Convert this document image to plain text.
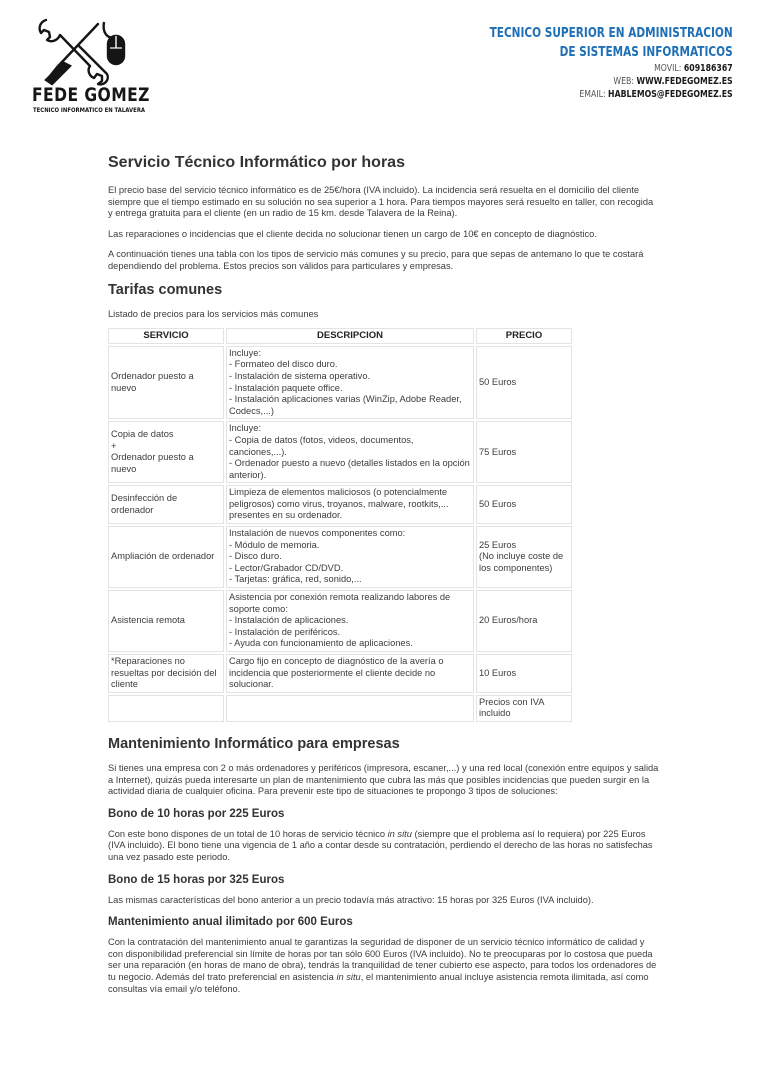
FEDE GOMEZ
TECNICO INFORMATICO EN TALAVERA
TECNICO SUPERIOR EN ADMINISTRACION
DE SISTEMAS INFORMATICOS
MOVIL: 609186367
WEB: WWW.FEDEGOMEZ.ES
EMAIL: HABLEMOS@FEDEGOMEZ.ES
Servicio Técnico Informático por horas

El precio base del servicio técnico informático es de 25€/hora (IVA incluido). La incidencia será resuelta en el domicilio del cliente siempre que el tiempo estimado en su solución no sea superior a 1 hora. Para tiempos mayores será resuelto en taller, con recogida y entrega gratuita para el cliente (en un radio de 15 km. desde Talavera de la Reina).

Las reparaciones o incidencias que el cliente decida no solucionar tienen un cargo de 10€ en concepto de diagnóstico.

A continuación tienes una tabla con los tipos de servicio más comunes y su precio, para que sepas de antemano lo que te costará dependiendo del problema. Estos precios son válidos para particulares y empresas.

Tarifas comunes

Listado de precios para los servicios más comunes

SERVICIO	DESCRIPCION	PRECIO
Ordenador puesto a nuevo	Incluye:
- Formateo del disco duro.
- Instalación de sistema operativo.
- Instalación paquete office.
- Instalación aplicaciones varias (WinZip, Adobe Reader, Codecs,...)	50 Euros
Copia de datos
+
Ordenador puesto a nuevo	Incluye:
- Copia de datos (fotos, videos, documentos, canciones,...).
- Ordenador puesto a nuevo (detalles listados en la opción anterior).	75 Euros
Desinfección de ordenador	Limpieza de elementos maliciosos (o potencialmente peligrosos) como virus, troyanos, malware, rootkits,... presentes en su ordenador.	50 Euros
Ampliación de ordenador	Instalación de nuevos componentes como:
- Módulo de memoria.
- Disco duro.
- Lector/Grabador CD/DVD.
- Tarjetas: gráfica, red, sonido,...	25 Euros
(No incluye coste de los componentes)
Asistencia remota	Asistencia por conexión remota realizando labores de soporte como:
- Instalación de aplicaciones.
- Instalación de periféricos.
- Ayuda con funcionamiento de aplicaciones.	20 Euros/hora
*Reparaciones no resueltas por decisión del cliente	Cargo fijo en concepto de diagnóstico de la avería o incidencia que posteriormente el cliente decide no solucionar.	10 Euros
		Precios con IVA incluido
Mantenimiento Informático para empresas

Si tienes una empresa con 2 o más ordenadores y periféricos (impresora, escaner,...) y una red local (conexión entre equipos y salida a Internet), quizás pueda interesarte un plan de mantenimiento que cubra las más que posibles incidencias que pueden surgir en la actividad diaria de cualquier oficina. Para prevenir este tipo de situaciones te propongo 3 tipos de soluciones:

Bono de 10 horas por 225 Euros

Con este bono dispones de un total de 10 horas de servicio técnico in situ (siempre que el problema así lo requiera) por 225 Euros (IVA incluido). El bono tiene una vigencia de 1 año a contar desde su contratación, perdiendo el derecho de las horas no satisfechas una vez pasado este periodo.

Bono de 15 horas por 325 Euros

Las mismas características del bono anterior a un precio todavía más atractivo: 15 horas por 325 Euros (IVA incluido).

Mantenimiento anual ilimitado por 600 Euros

Con la contratación del mantenimiento anual te garantizas la seguridad de disponer de un servicio técnico informático de calidad y con disponibilidad preferencial sin límite de horas por tan sólo 600 Euros (IVA incluido). No te preocuparas por lo costosa que pueda ser una reparación (en horas de mano de obra), tendrás la tranquilidad de tener cubierto ese aspecto, para todos los ordenadores de tu negocio. Además del trato preferencial en asistencia in situ, el mantenimiento anual incluye asistencia remota ilimitada, así como consultas vía email y/o teléfono.
